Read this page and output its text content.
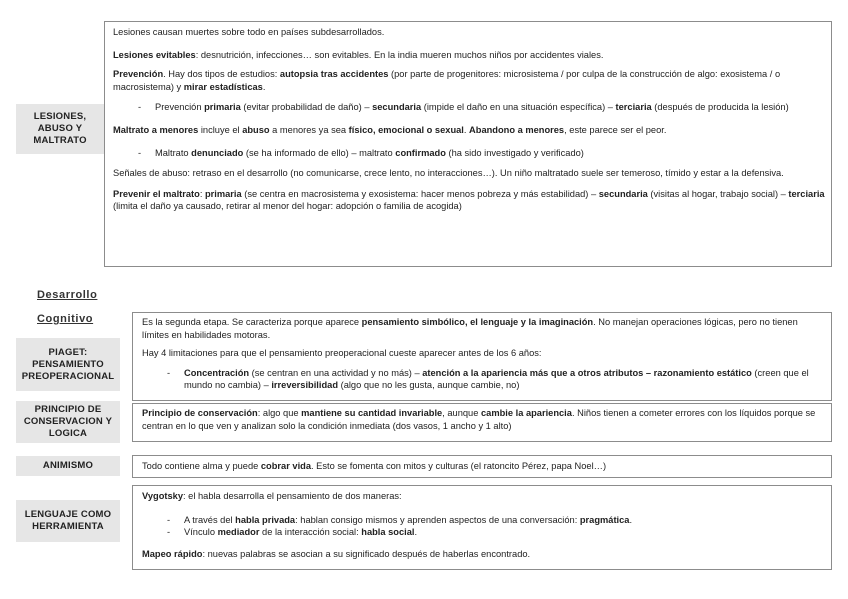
LESIONES, ABUSO Y MALTRATO

Lesiones causan muertes sobre todo en países subdesarrollados.

Lesiones evitables: desnutrición, infecciones… son evitables. En la india mueren muchos niños por accidentes viales.

Prevención. Hay dos tipos de estudios: autopsia tras accidentes (por parte de progenitores: microsistema / por culpa de la construcción de algo: exosistema / o macrosistema) y mirar estadísticas.

- Prevención primaria (evitar probabilidad de daño) – secundaria (impide el daño en una situación específica) – terciaria (después de producida la lesión)

Maltrato a menores incluye el abuso a menores ya sea físico, emocional o sexual. Abandono a menores, este parece ser el peor.

- Maltrato denunciado (se ha informado de ello) – maltrato confirmado (ha sido investigado y verificado)

Señales de abuso: retraso en el desarrollo (no comunicarse, crece lento, no interacciones…). Un niño maltratado suele ser temeroso, tímido y estar a la defensiva.

Prevenir el maltrato: primaria (se centra en macrosistema y exosistema: hacer menos pobreza y más estabilidad) – secundaria (visitas al hogar, trabajo social) – terciaria (limita el daño ya causado, retirar al menor del hogar: adopción o familia de acogida)

Desarrollo
Cognitivo
PIAGET: PENSAMIENTO PREOPERACIONAL

Es la segunda etapa. Se caracteriza porque aparece pensamiento simbólico, el lenguaje y la imaginación. No manejan operaciones lógicas, pero no tienen límites en habilidades motoras.

Hay 4 limitaciones para que el pensamiento preoperacional cueste aparecer antes de los 6 años:

- Concentración (se centran en una actividad y no más) – atención a la apariencia más que a otros atributos – razonamiento estático (creen que el mundo no cambia) – irreversibilidad (algo que no les gusta, aunque cambie, no)

PRINCIPIO DE CONSERVACION Y LOGICA

Principio de conservación: algo que mantiene su cantidad invariable, aunque cambie la apariencia. Niños tienen a cometer errores con los líquidos porque se centran en lo que ven y analizan solo la condición inmediata (dos vasos, 1 ancho y 1 alto)

ANIMISMO	Todo contiene alma y puede cobrar vida. Esto se fomenta con mitos y culturas (el ratoncito Pérez, papa Noel…)

LENGUAJE COMO HERRAMIENTA

Vygotsky: el habla desarrolla el pensamiento de dos maneras:

- A través del habla privada: hablan consigo mismos y aprenden aspectos de una conversación: pragmática.

- Vínculo mediador de la interacción social: habla social.

Mapeo rápido: nuevas palabras se asocian a su significado después de haberlas encontrado.
